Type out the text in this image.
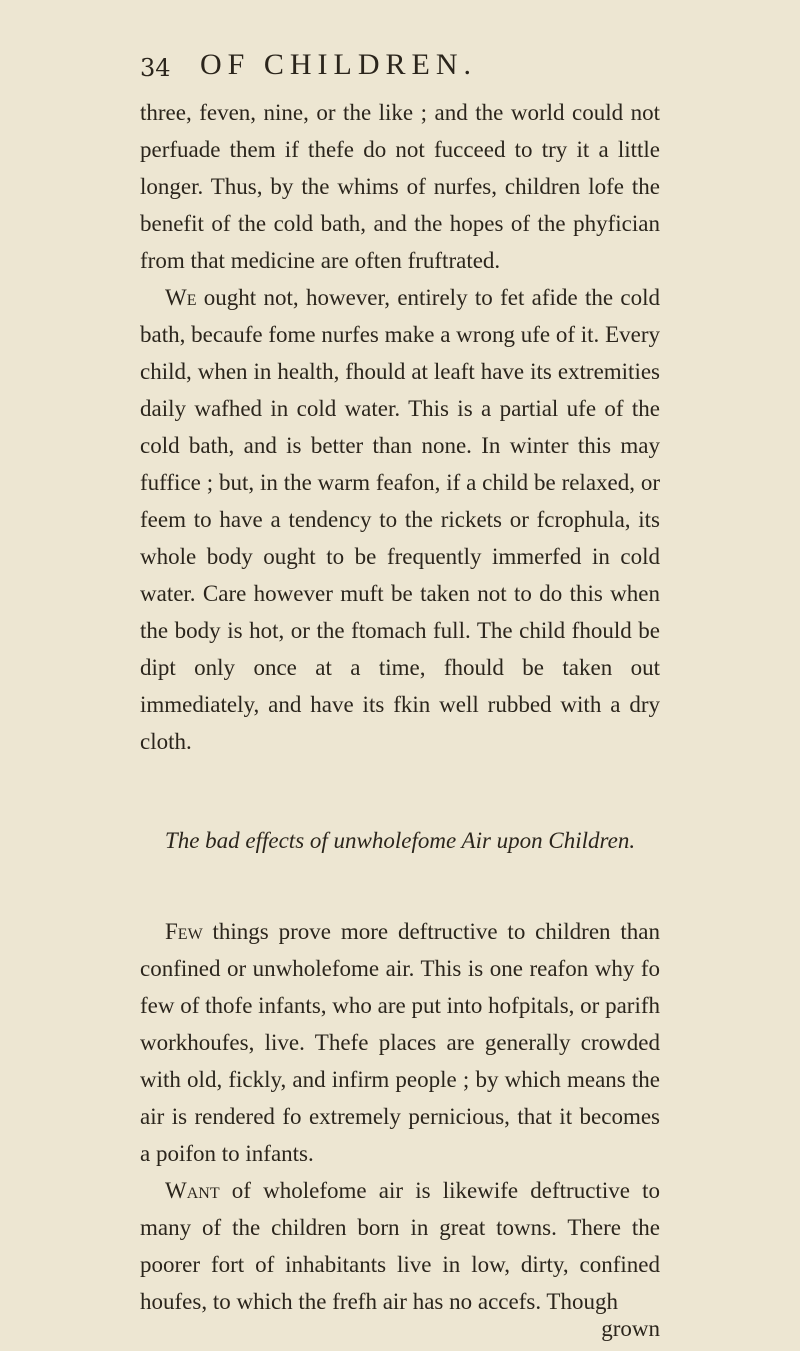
34 OF CHILDREN.

three, feven, nine, or the like ; and the world could not perfuade them if thefe do not fucceed to try it a little longer. Thus, by the whims of nurfes, children lofe the benefit of the cold bath, and the hopes of the phyfician from that medicine are often fruftrated.

We ought not, however, entirely to fet afide the cold bath, becaufe fome nurfes make a wrong ufe of it. Every child, when in health, fhould at leaft have its extremities daily wafhed in cold water. This is a partial ufe of the cold bath, and is better than none. In winter this may fuffice ; but, in the warm feafon, if a child be relaxed, or feem to have a tendency to the rickets or fcrophula, its whole body ought to be frequently immerfed in cold water. Care however muft be taken not to do this when the body is hot, or the ftomach full. The child fhould be dipt only once at a time, fhould be taken out immediately, and have its fkin well rubbed with a dry cloth.

The bad effects of unwholefome Air upon Children.

Few things prove more deftructive to children than confined or unwholefome air. This is one reafon why fo few of thofe infants, who are put into hofpitals, or parifh workhoufes, live. Thefe places are generally crowded with old, fickly, and infirm people ; by which means the air is rendered fo extremely pernicious, that it becomes a poifon to infants.

Want of wholefome air is likewife deftructive to many of the children born in great towns. There the poorer fort of inhabitants live in low, dirty, confined houfes, to which the frefh air has no accefs. Though

grown
